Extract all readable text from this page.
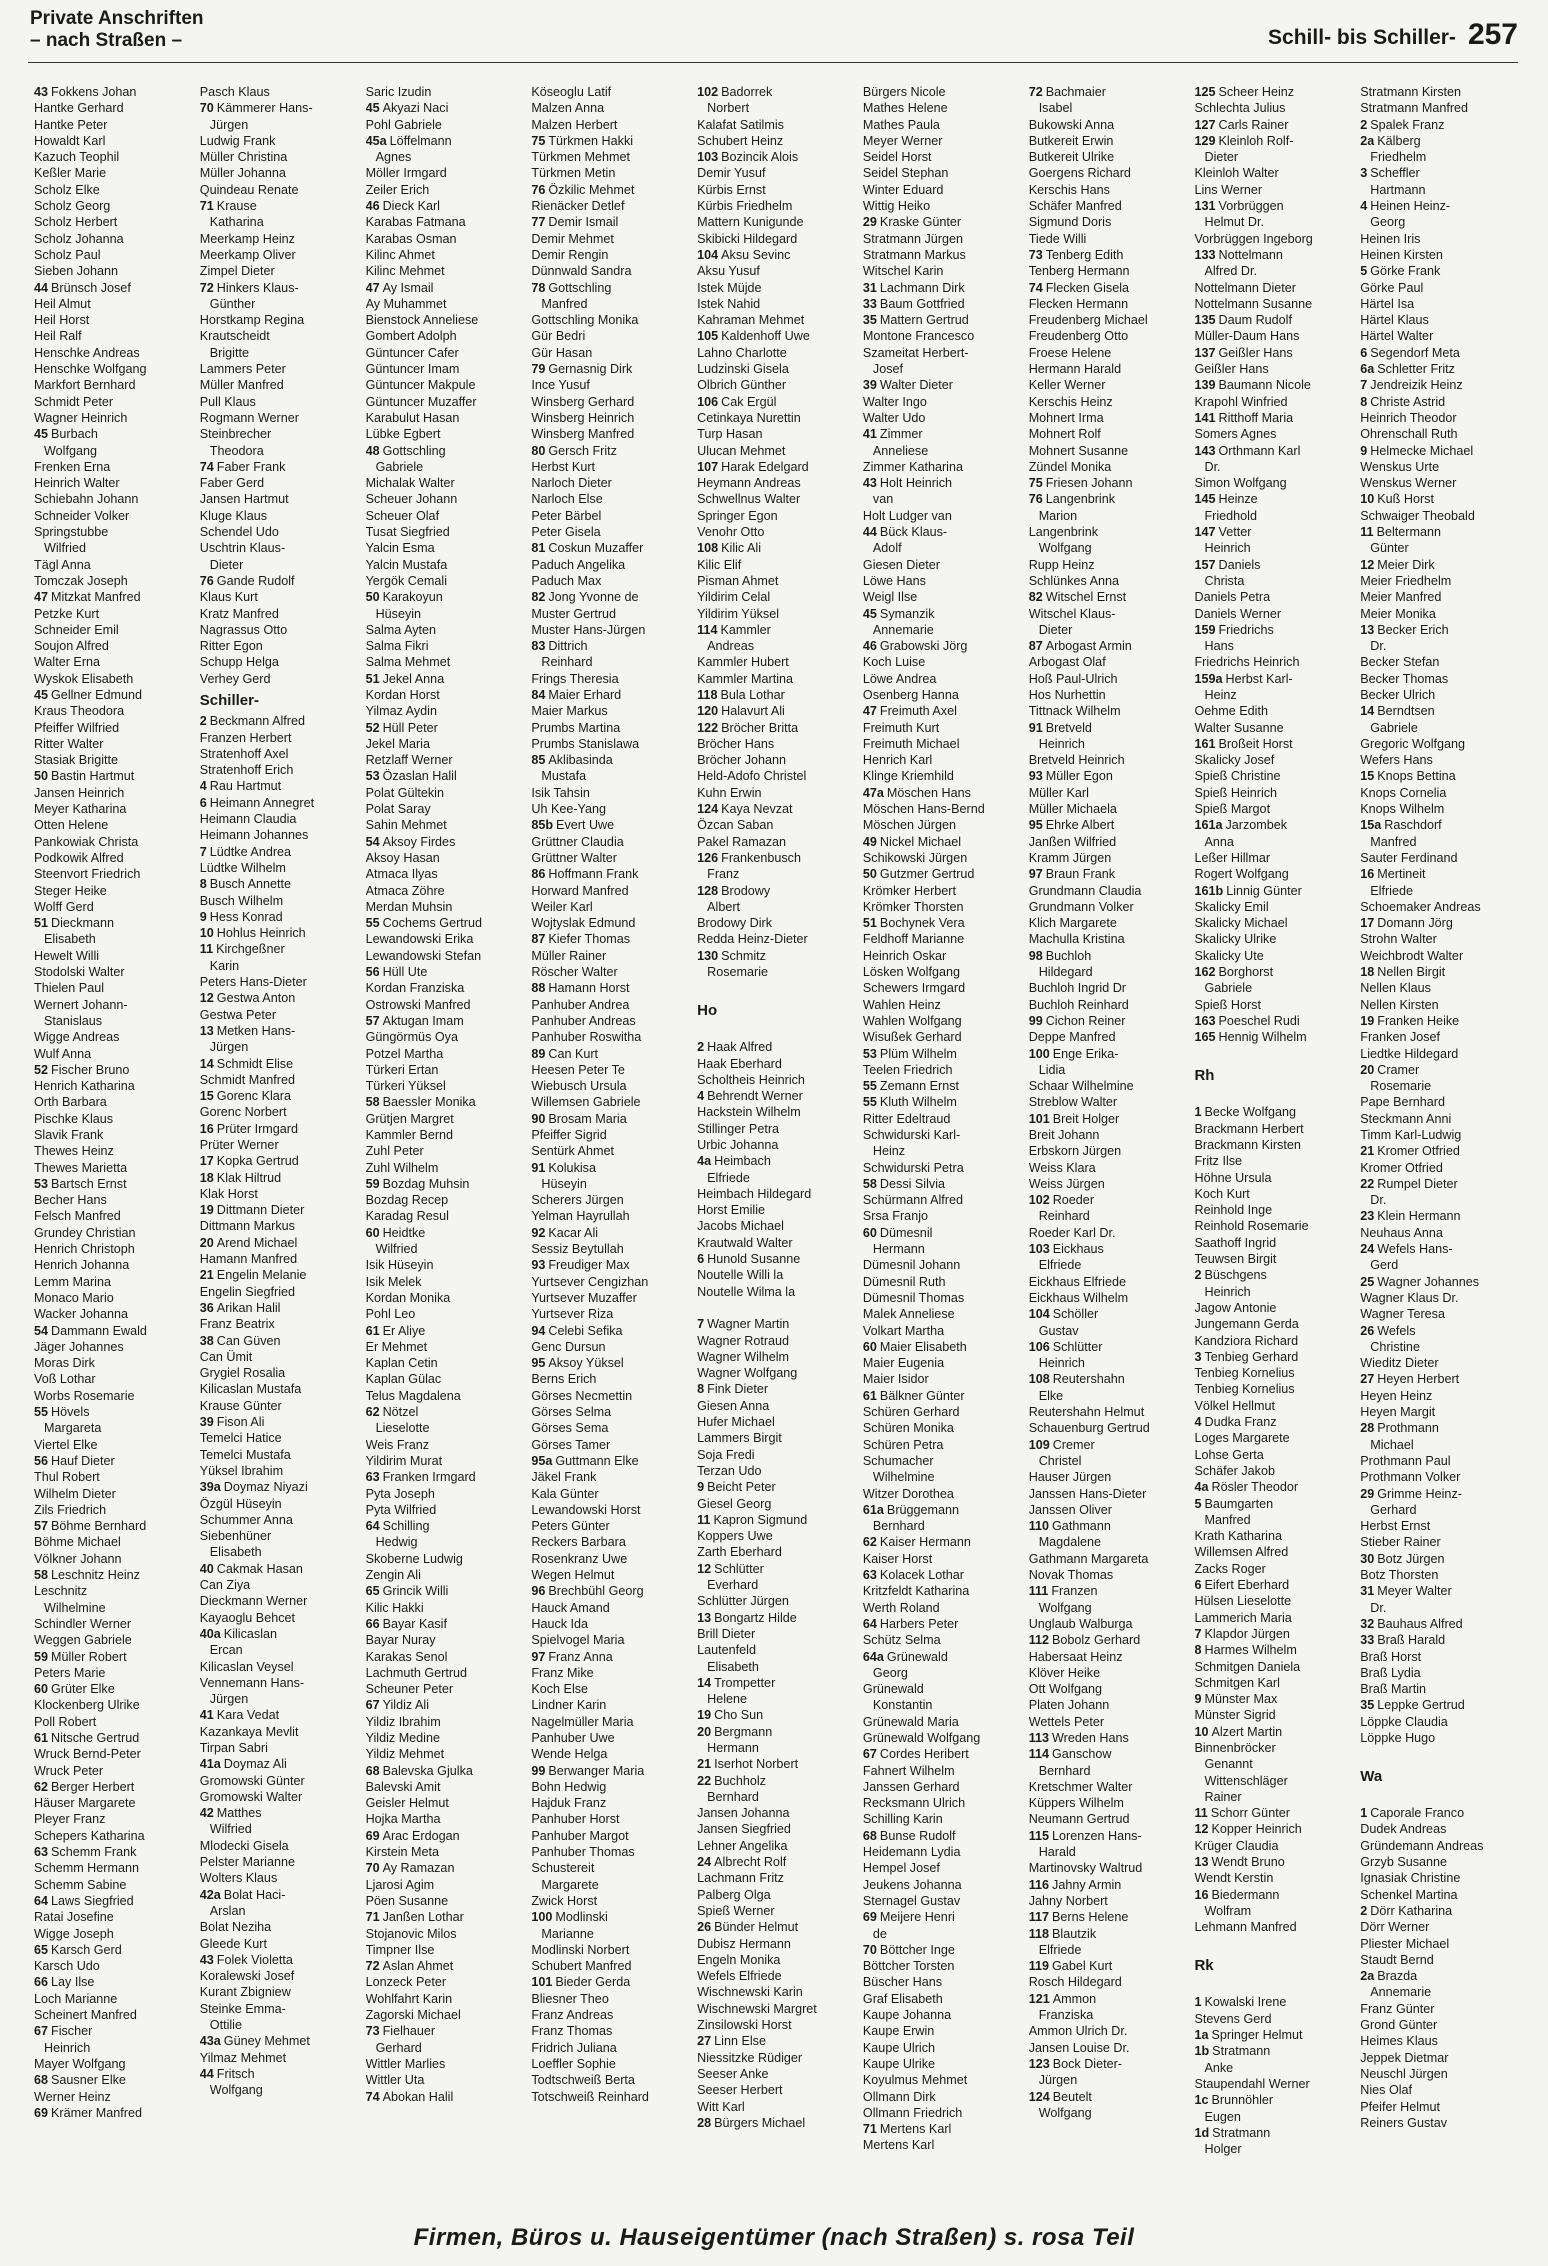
Private Anschriften
– nach Straßen –	Schill- bis Schiller- 257
43 Fokkens Johan
Hantke Gerhard
Hantke Peter
Howaldt Karl
Kazuch Teophil
Keßler Marie
Scholz Elke
Scholz Georg
Scholz Herbert
Scholz Johanna
Scholz Paul
Sieben Johann
44 Brünsch Josef
Heil Almut
Heil Horst
Heil Ralf
Henschke Andreas
Henschke Wolfgang
Markfort Bernhard
Schmidt Peter
Wagner Heinrich
45 Burbach
Wolfgang
Frenken Erna
Heinrich Walter
Schiebahn Johann
Schneider Volker
Springstubbe
Wilfried
Tägl Anna
Tomczak Joseph
47 Mitzkat Manfred
Petzke Kurt
Schneider Emil
Soujon Alfred
Walter Erna
Wyskok Elisabeth
45 Gellner Edmund
Kraus Theodora
Pfeiffer Wilfried
Ritter Walter
Stasiak Brigitte
50 Bastin Hartmut
Jansen Heinrich
Meyer Katharina
Otten Helene
Pankowiak Christa
Podkowik Alfred
Steenvort Friedrich
Steger Heike
Wolff Gerd
51 Dieckmann
Elisabeth
Hewelt Willi
Stodolski Walter
Thielen Paul
Wernert Johann-
Stanislaus
Wigge Andreas
Wulf Anna
52 Fischer Bruno
Henrich Katharina
Orth Barbara
Pischke Klaus
Slavik Frank
Thewes Heinz
Thewes Marietta
53 Bartsch Ernst
Becher Hans
Felsch Manfred
Grundey Christian
Henrich Christoph
Henrich Johanna
Lemm Marina
Monaco Mario
Wacker Johanna
54 Dammann Ewald
Jäger Johannes
Moras Dirk
Voß Lothar
Worbs Rosemarie
55 Hövels
Margareta
Viertel Elke
56 Hauf Dieter
Thul Robert
Wilhelm Dieter
Zils Friedrich
57 Böhme Bernhard
Böhme Michael
Völkner Johann
58 Leschnitz Heinz
Leschnitz
Wilhelmine
Schindler Werner
Weggen Gabriele
59 Müller Robert
Peters Marie
60 Grüter Elke
Klockenberg Ulrike
Poll Robert
61 Nitsche Gertrud
Wruck Bernd-Peter
Wruck Peter
62 Berger Herbert
Häuser Margarete
Pleyer Franz
Schepers Katharina
63 Schemm Frank
Schemm Hermann
Schemm Sabine
64 Laws Siegfried
Ratai Josefine
Wigge Joseph
65 Karsch Gerd
Karsch Udo
66 Lay Ilse
Loch Marianne
Scheinert Manfred
67 Fischer
Heinrich
Mayer Wolfgang
68 Sausner Elke
Werner Heinz
69 Krämer Manfred
Pasch Klaus
70 Kämmerer Hans-
Jürgen
Ludwig Frank
Müller Christina
Müller Johanna
Quindeau Renate
71 Krause
Katharina
Meerkamp Heinz
Meerkamp Oliver
Zimpel Dieter
72 Hinkers Klaus-
Günther
Horstkamp Regina
Krautscheidt
Brigitte
Lammers Peter
Müller Manfred
Pull Klaus
Rogmann Werner
Steinbrecher
Theodora
74 Faber Frank
Faber Gerd
Jansen Hartmut
Kluge Klaus
Schendel Udo
Uschtrin Klaus-
Dieter
76 Gande Rudolf
Klaus Kurt
Kratz Manfred
Nagrassus Otto
Ritter Egon
Schupp Helga
Verhey Gerd
Schiller-
2 Beckmann Alfred
Franzen Herbert
Stratenhoff Axel
Stratenhoff Erich
4 Rau Hartmut
6 Heimann Annegret
Heimann Claudia
Heimann Johannes
7 Lüdtke Andrea
Lüdtke Wilhelm
8 Busch Annette
Busch Wilhelm
9 Hess Konrad
10 Hohlus Heinrich
11 Kirchgeßner
Karin
Peters Hans-Dieter
12 Gestwa Anton
Gestwa Peter
13 Metken Hans-
Jürgen
14 Schmidt Elise
Schmidt Manfred
15 Gorenc Klara
Gorenc Norbert
16 Prüter Irmgard
Prüter Werner
17 Kopka Gertrud
18 Klak Hiltrud
Klak Horst
19 Dittmann Dieter
Dittmann Markus
20 Arend Michael
Hamann Manfred
21 Engelin Melanie
Engelin Siegfried
36 Arikan Halil
Franz Beatrix
38 Can Güven
Can Ümit
Grygiel Rosalia
Kilicaslan Mustafa
Krause Günter
39 Fison Ali
Temelci Hatice
Temelci Mustafa
Yüksel Ibrahim
39a Doymaz Niyazi
Özgül Hüseyin
Schummer Anna
Siebenhüner
Elisabeth
40 Cakmak Hasan
Can Ziya
Dieckmann Werner
Kayaoglu Behcet
40a Kilicaslan
Ercan
Kilicaslan Veysel
Vennemann Hans-
Jürgen
41 Kara Vedat
Kazankaya Mevlit
Tirpan Sabri
41a Doymaz Ali
Gromowski Günter
Gromowski Walter
42 Matthes
Wilfried
Mlodecki Gisela
Pelster Marianne
Wolters Klaus
42a Bolat Haci-
Arslan
Bolat Neziha
Gleede Kurt
43 Folek Violetta
Koralewski Josef
Kurant Zbigniew
Steinke Emma-
Ottilie
43a Güney Mehmet
Yilmaz Mehmet
44 Fritsch
Wolfgang
Saric Izudin
45 Akyazi Naci
Pohl Gabriele
45a Löffelmann
Agnes
Möller Irmgard
Zeiler Erich
46 Dieck Karl
Karabas Fatmana
Karabas Osman
Kilinc Ahmet
Kilinc Mehmet
47 Ay Ismail
Ay Muhammet
Bienstock Anneliese
Gombert Adolph
Güntuncer Cafer
Güntuncer Imam
Güntuncer Makpule
Güntuncer Muzaffer
Karabulut Hasan
Lübke Egbert
48 Gottschling
Gabriele
Michalak Walter
Scheuer Johann
Scheuer Olaf
Tusat Siegfried
Yalcin Esma
Yalcin Mustafa
Yergök Cemali
50 Karakoyun
Hüseyin
Salma Ayten
Salma Fikri
Salma Mehmet
51 Jekel Anna
Kordan Horst
Yilmaz Aydin
52 Hüll Peter
Jekel Maria
Retzlaff Werner
53 Özaslan Halil
Polat Gültekin
Polat Saray
Sahin Mehmet
54 Aksoy Firdes
Aksoy Hasan
Atmaca Ilyas
Atmaca Zöhre
Merdan Muhsin
55 Cochems Gertrud
Lewandowski Erika
Lewandowski Stefan
56 Hüll Ute
Kordan Franziska
Ostrowski Manfred
57 Aktugan Imam
Güngörmüs Oya
Potzel Martha
Türkeri Ertan
Türkeri Yüksel
58 Baessler Monika
Grütjen Margret
Kammler Bernd
Zuhl Peter
Zuhl Wilhelm
59 Bozdag Muhsin
Bozdag Recep
Karadag Resul
60 Heidtke
Wilfried
Isik Hüseyin
Isik Melek
Kordan Monika
Pohl Leo
61 Er Aliye
Er Mehmet
Kaplan Cetin
Kaplan Gülac
Telus Magdalena
62 Nötzel
Lieselotte
Weis Franz
Yildirim Murat
63 Franken Irmgard
Pyta Joseph
Pyta Wilfried
64 Schilling
Hedwig
Skoberne Ludwig
Zengin Ali
65 Grincik Willi
Kilic Hakki
66 Bayar Kasif
Bayar Nuray
Karakas Senol
Lachmuth Gertrud
Scheuner Peter
67 Yildiz Ali
Yildiz Ibrahim
Yildiz Medine
Yildiz Mehmet
68 Balevska Gjulka
Balevski Amit
Geisler Helmut
Hojka Martha
69 Arac Erdogan
Kirstein Meta
70 Ay Ramazan
Ljarosi Agim
Pöen Susanne
71 Janßen Lothar
Stojanovic Milos
Timpner Ilse
72 Aslan Ahmet
Lonzeck Peter
Wohlfahrt Karin
Zagorski Michael
73 Fielhauer
Gerhard
Wittler Marlies
Wittler Uta
74 Abokan Halil
Köseoglu Latif
Malzen Anna
Malzen Herbert
75 Türkmen Hakki
Türkmen Mehmet
Türkmen Metin
76 Özkilic Mehmet
Rienäcker Detlef
77 Demir Ismail
Demir Mehmet
Demir Rengin
Dünnwald Sandra
78 Gottschling
Manfred
Gottschling Monika
Gür Bedri
Gür Hasan
79 Gernasnig Dirk
Ince Yusuf
Winsberg Gerhard
Winsberg Heinrich
Winsberg Manfred
80 Gersch Fritz
Herbst Kurt
Narloch Dieter
Narloch Else
Peter Bärbel
Peter Gisela
81 Coskun Muzaffer
Paduch Angelika
Paduch Max
82 Jong Yvonne de
Muster Gertrud
Muster Hans-Jürgen
83 Dittrich
Reinhard
Frings Theresia
84 Maier Erhard
Maier Markus
Prumbs Martina
Prumbs Stanislawa
85 Aklibasinda
Mustafa
Isik Tahsin
Uh Kee-Yang
85b Evert Uwe
Grüttner Claudia
Grüttner Walter
86 Hoffmann Frank
Horward Manfred
Weiler Karl
Wojtyslak Edmund
87 Kiefer Thomas
Müller Rainer
Röscher Walter
88 Hamann Horst
Panhuber Andrea
Panhuber Andreas
Panhuber Roswitha
89 Can Kurt
Heesen Peter Te
Wiebusch Ursula
Willemsen Gabriele
90 Brosam Maria
Pfeiffer Sigrid
Sentürk Ahmet
91 Kolukisa
Hüseyin
Scherers Jürgen
Yelman Hayrullah
92 Kacar Ali
Sessiz Beytullah
93 Freudiger Max
Yurtsever Cengizhan
Yurtsever Muzaffer
Yurtsever Riza
94 Celebi Sefika
Genc Dursun
95 Aksoy Yüksel
Berns Erich
Görses Necmettin
Görses Selma
Görses Sema
Görses Tamer
95a Guttmann Elke
Jäkel Frank
Kala Günter
Lewandowski Horst
Peters Günter
Reckers Barbara
Rosenkranz Uwe
Wegen Helmut
96 Brechbühl Georg
Hauck Amand
Hauck Ida
Spielvogel Maria
97 Franz Anna
Franz Mike
Koch Else
Lindner Karin
Nagelmüller Maria
Panhuber Uwe
Wende Helga
99 Berwanger Maria
Bohn Hedwig
Hajduk Franz
Panhuber Horst
Panhuber Margot
Panhuber Thomas
Schustereit
Margarete
Zwick Horst
100 Modlinski
Marianne
Modlinski Norbert
Schubert Manfred
101 Bieder Gerda
Bliesner Theo
Franz Andreas
Franz Thomas
Fridrich Juliana
Loeffler Sophie
Todtschweiß Berta
Totschweiß Reinhard
102 Badorrek
Norbert
Kalafat Satilmis
Schubert Heinz
103 Bozincik Alois
Demir Yusuf
Kürbis Ernst
Kürbis Friedhelm
Mattern Kunigunde
Skibicki Hildegard
104 Aksu Sevinc
Aksu Yusuf
Istek Müjde
Istek Nahid
Kahraman Mehmet
105 Kaldenhoff Uwe
Lahno Charlotte
Ludzinski Gisela
Olbrich Günther
106 Cak Ergül
Cetinkaya Nurettin
Turp Hasan
Ulucan Mehmet
107 Harak Edelgard
Heymann Andreas
Schwellnus Walter
Springer Egon
Venohr Otto
108 Kilic Ali
Kilic Elif
Pisman Ahmet
Yildirim Celal
Yildirim Yüksel
114 Kammler
Andreas
Kammler Hubert
Kammler Martina
118 Bula Lothar
120 Halavurt Ali
122 Bröcher Britta
Bröcher Hans
Bröcher Johann
Held-Adofo Christel
Kuhn Erwin
124 Kaya Nevzat
Özcan Saban
Pakel Ramazan
126 Frankenbusch
Franz
128 Brodowy
Albert
Brodowy Dirk
Redda Heinz-Dieter
130 Schmitz
Rosemarie

Ho

2 Haak Alfred
Haak Eberhard
Scholtheis Heinrich
4 Behrendt Werner
Hackstein Wilhelm
Stillinger Petra
Urbic Johanna
4a Heimbach
Elfriede
Heimbach Hildegard
Horst Emilie
Jacobs Michael
Krautwald Walter
6 Hunold Susanne
Noutelle Willi la
Noutelle Wilma la

7 Wagner Martin
Wagner Rotraud
Wagner Wilhelm
Wagner Wolfgang
8 Fink Dieter
Giesen Anna
Hufer Michael
Lammers Birgit
Soja Fredi
Terzan Udo
9 Beicht Peter
Giesel Georg
11 Kapron Sigmund
Koppers Uwe
Zarth Eberhard
12 Schlütter
Everhard
Schlütter Jürgen
13 Bongartz Hilde
Brill Dieter
Lautenfeld
Elisabeth
14 Trompetter
Helene
19 Cho Sun
20 Bergmann
Hermann
21 Iserhot Norbert
22 Buchholz
Bernhard
Jansen Johanna
Jansen Siegfried
Lehner Angelika
24 Albrecht Rolf
Lachmann Fritz
Palberg Olga
Spieß Werner
26 Bünder Helmut
Dubisz Hermann
Engeln Monika
Wefels Elfriede
Wischnewski Karin
Wischnewski Margret
Zinsilowski Horst
27 Linn Else
Niessitzke Rüdiger
Seeser Anke
Seeser Herbert
Witt Karl
28 Bürgers Michael
Bürgers Nicole
Mathes Helene
Mathes Paula
Meyer Werner
Seidel Horst
Seidel Stephan
Winter Eduard
Wittig Heiko
29 Kraske Günter
Stratmann Jürgen
Stratmann Markus
Witschel Karin
31 Lachmann Dirk
33 Baum Gottfried
35 Mattern Gertrud
Montone Francesco
Szameitat Herbert-
Josef
39 Walter Dieter
Walter Ingo
Walter Udo
41 Zimmer
Anneliese
Zimmer Katharina
43 Holt Heinrich
van
Holt Ludger van
44 Bück Klaus-
Adolf
Giesen Dieter
Löwe Hans
Weigl Ilse
45 Symanzik
Annemarie
46 Grabowski Jörg
Koch Luise
Löwe Andrea
Osenberg Hanna
47 Freimuth Axel
Freimuth Kurt
Freimuth Michael
Henrich Karl
Klinge Kriemhild
47a Möschen Hans
Möschen Hans-Bernd
Möschen Jürgen
49 Nickel Michael
Schikowski Jürgen
50 Gutzmer Gertrud
Krömker Herbert
Krömker Thorsten
51 Bochynek Vera
Feldhoff Marianne
Heinrich Oskar
Lösken Wolfgang
Schewers Irmgard
Wahlen Heinz
Wahlen Wolfgang
Wisußek Gerhard
53 Plüm Wilhelm
Teelen Friedrich
55 Zemann Ernst
55 Kluth Wilhelm
Ritter Edeltraud
Schwidurski Karl-
Heinz
Schwidurski Petra
58 Dessi Silvia
Schürmann Alfred
Srsa Franjo
60 Dümesnil
Hermann
Dümesnil Johann
Dümesnil Ruth
Dümesnil Thomas
Malek Anneliese
Volkart Martha
60 Maier Elisabeth
Maier Eugenia
Maier Isidor
61 Bälkner Günter
Schüren Gerhard
Schüren Monika
Schüren Petra
Schumacher
Wilhelmine
Witzer Dorothea
61a Brüggemann
Bernhard
62 Kaiser Hermann
Kaiser Horst
63 Kolacek Lothar
Kritzfeldt Katharina
Werth Roland
64 Harbers Peter
Schütz Selma
64a Grünewald
Georg
Grünewald
Konstantin
Grünewald Maria
Grünewald Wolfgang
67 Cordes Heribert
Fahnert Wilhelm
Janssen Gerhard
Recksmann Ulrich
Schilling Karin
68 Bunse Rudolf
Heidemann Lydia
Hempel Josef
Jeukens Johanna
Sternagel Gustav
69 Meijere Henri
de
70 Böttcher Inge
Böttcher Torsten
Büscher Hans
Graf Elisabeth
Kaupe Johanna
Kaupe Erwin
Kaupe Ulrich
Kaupe Ulrike
Koyulmus Mehmet
Ollmann Dirk
Ollmann Friedrich
71 Mertens Karl
Mertens Karl
72 Bachmaier
Isabel
Bukowski Anna
Butkereit Erwin
Butkereit Ulrike
Goergens Richard
Kerschis Hans
Schäfer Manfred
Sigmund Doris
Tiede Willi
73 Tenberg Edith
Tenberg Hermann
74 Flecken Gisela
Flecken Hermann
Freudenberg Michael
Freudenberg Otto
Froese Helene
Hermann Harald
Keller Werner
Kerschis Heinz
Mohnert Irma
Mohnert Rolf
Mohnert Susanne
Zündel Monika
75 Friesen Johann
76 Langenbrink
Marion
Langenbrink
Wolfgang
Rupp Heinz
Schlünkes Anna
82 Witschel Ernst
Witschel Klaus-
Dieter
87 Arbogast Armin
Arbogast Olaf
Hoß Paul-Ulrich
Hos Nurhettin
Tittnack Wilhelm
91 Bretveld
Heinrich
Bretveld Heinrich
93 Müller Egon
Müller Karl
Müller Michaela
95 Ehrke Albert
Janßen Wilfried
Kramm Jürgen
97 Braun Frank
Grundmann Claudia
Grundmann Volker
Klich Margarete
Machulla Kristina
98 Buchloh
Hildegard
Buchloh Ingrid Dr
Buchloh Reinhard
99 Cichon Reiner
Deppe Manfred
100 Enge Erika-
Lidia
Schaar Wilhelmine
Streblow Walter
101 Breit Holger
Breit Johann
Erbskorn Jürgen
Weiss Klara
Weiss Jürgen
102 Roeder
Reinhard
Roeder Karl Dr.
103 Eickhaus
Elfriede
Eickhaus Elfriede
Eickhaus Wilhelm
104 Schöller
Gustav
106 Schlütter
Heinrich
108 Reutershahn
Elke
Reutershahn Helmut
Schauenburg Gertrud
109 Cremer
Christel
Hauser Jürgen
Janssen Hans-Dieter
Janssen Oliver
110 Gathmann
Magdalene
Gathmann Margareta
Novak Thomas
111 Franzen
Wolfgang
Unglaub Walburga
112 Bobolz Gerhard
Habersaat Heinz
Klöver Heike
Ott Wolfgang
Platen Johann
Wettels Peter
113 Wreden Hans
114 Ganschow
Bernhard
Kretschmer Walter
Küppers Wilhelm
Neumann Gertrud
115 Lorenzen Hans-
Harald
Martinovsky Waltrud
116 Jahny Armin
Jahny Norbert
117 Berns Helene
118 Blautzik
Elfriede
119 Gabel Kurt
Rosch Hildegard
121 Ammon
Franziska
Ammon Ulrich Dr.
Jansen Louise Dr.
123 Bock Dieter-
Jürgen
124 Beutelt
Wolfgang
125 Scheer Heinz
Schlechta Julius
127 Carls Rainer
129 Kleinloh Rolf-
Dieter
Kleinloh Walter
Lins Werner
131 Vorbrüggen
Helmut Dr.
Vorbrüggen Ingeborg
133 Nottelmann
Alfred Dr.
Nottelmann Dieter
Nottelmann Susanne
135 Daum Rudolf
Müller-Daum Hans
137 Geißler Hans
Geißler Hans
139 Baumann Nicole
Krapohl Winfried
141 Ritthoff Maria
Somers Agnes
143 Orthmann Karl
Dr.
Simon Wolfgang
145 Heinze
Friedhold
147 Vetter
Heinrich
157 Daniels
Christa
Daniels Petra
Daniels Werner
159 Friedrichs
Hans
Friedrichs Heinrich
159a Herbst Karl-
Heinz
Oehme Edith
Walter Susanne
161 Broßeit Horst
Skalicky Josef
Spieß Christine
Spieß Heinrich
Spieß Margot
161a Jarzombek
Anna
Leßer Hillmar
Rogert Wolfgang
161b Linnig Günter
Skalicky Emil
Skalicky Michael
Skalicky Ulrike
Skalicky Ute
162 Borghorst
Gabriele
Spieß Horst
163 Poeschel Rudi
165 Hennig Wilhelm

Rh

1 Becke Wolfgang
Brackmann Herbert
Brackmann Kirsten
Fritz Ilse
Höhne Ursula
Koch Kurt
Reinhold Inge
Reinhold Rosemarie
Saathoff Ingrid
Teuwsen Birgit
2 Büschgens
Heinrich
Jagow Antonie
Jungemann Gerda
Kandziora Richard
3 Tenbieg Gerhard
Tenbieg Kornelius
Tenbieg Kornelius
Völkel Hellmut
4 Dudka Franz
Loges Margarete
Lohse Gerta
Schäfer Jakob
4a Rösler Theodor
5 Baumgarten
Manfred
Krath Katharina
Willemsen Alfred
Zacks Roger
6 Eifert Eberhard
Hülsen Lieselotte
Lammerich Maria
7 Klapdor Jürgen
8 Harmes Wilhelm
Schmitgen Daniela
Schmitgen Karl
9 Münster Max
Münster Sigrid
10 Alzert Martin
Binnenbröcker
Genannt
Wittenschläger
Rainer
11 Schorr Günter
12 Kopper Heinrich
Krüger Claudia
13 Wendt Bruno
Wendt Kerstin
16 Biedermann
Wolfram
Lehmann Manfred

Rk

1 Kowalski Irene
Stevens Gerd
1a Springer Helmut
1b Stratmann
Anke
Staupendahl Werner
1c Brunnöhler
Eugen
1d Stratmann
Holger
Stratmann Kirsten
Stratmann Manfred
2 Spalek Franz
2a Kälberg
Friedhelm
3 Scheffler
Hartmann
4 Heinen Heinz-
Georg
Heinen Iris
Heinen Kirsten
5 Görke Frank
Görke Paul
Härtel Isa
Härtel Klaus
Härtel Walter
6 Segendorf Meta
6a Schletter Fritz
7 Jendreizik Heinz
8 Christe Astrid
Heinrich Theodor
Ohrenschall Ruth
9 Helmecke Michael
Wenskus Urte
Wenskus Werner
10 Kuß Horst
Schwaiger Theobald
11 Beltermann
Günter
12 Meier Dirk
Meier Friedhelm
Meier Manfred
Meier Monika
13 Becker Erich
Dr.
Becker Stefan
Becker Thomas
Becker Ulrich
14 Berndtsen
Gabriele
Gregoric Wolfgang
Wefers Hans
15 Knops Bettina
Knops Cornelia
Knops Wilhelm
15a Raschdorf
Manfred
Sauter Ferdinand
16 Mertineit
Elfriede
Schoemaker Andreas
17 Domann Jörg
Strohn Walter
Weichbrodt Walter
18 Nellen Birgit
Nellen Klaus
Nellen Kirsten
19 Franken Heike
Franken Josef
Liedtke Hildegard
20 Cramer
Rosemarie
Pape Bernhard
Steckmann Anni
Timm Karl-Ludwig
21 Kromer Otfried
Kromer Otfried
22 Rumpel Dieter
Dr.
23 Klein Hermann
Neuhaus Anna
24 Wefels Hans-
Gerd
25 Wagner Johannes
Wagner Klaus Dr.
Wagner Teresa
26 Wefels
Christine
Wieditz Dieter
27 Heyen Herbert
Heyen Heinz
Heyen Margit
28 Prothmann
Michael
Prothmann Paul
Prothmann Volker
29 Grimme Heinz-
Gerhard
Herbst Ernst
Stieber Rainer
30 Botz Jürgen
Botz Thorsten
31 Meyer Walter
Dr.
32 Bauhaus Alfred
33 Braß Harald
Braß Horst
Braß Lydia
Braß Martin
35 Leppke Gertrud
Löppke Claudia
Löppke Hugo

Wa

1 Caporale Franco
Dudek Andreas
Gründemann Andreas
Grzyb Susanne
Ignasiak Christine
Schenkel Martina
2 Dörr Katharina
Dörr Werner
Pliester Michael
Staudt Bernd
2a Brazda
Annemarie
Franz Günter
Grond Günter
Heimes Klaus
Jeppek Dietmar
Neuschl Jürgen
Nies Olaf
Pfeifer Helmut
Reiners Gustav
Firmen, Büros u. Hauseigentümer (nach Straßen) s. rosa Teil
